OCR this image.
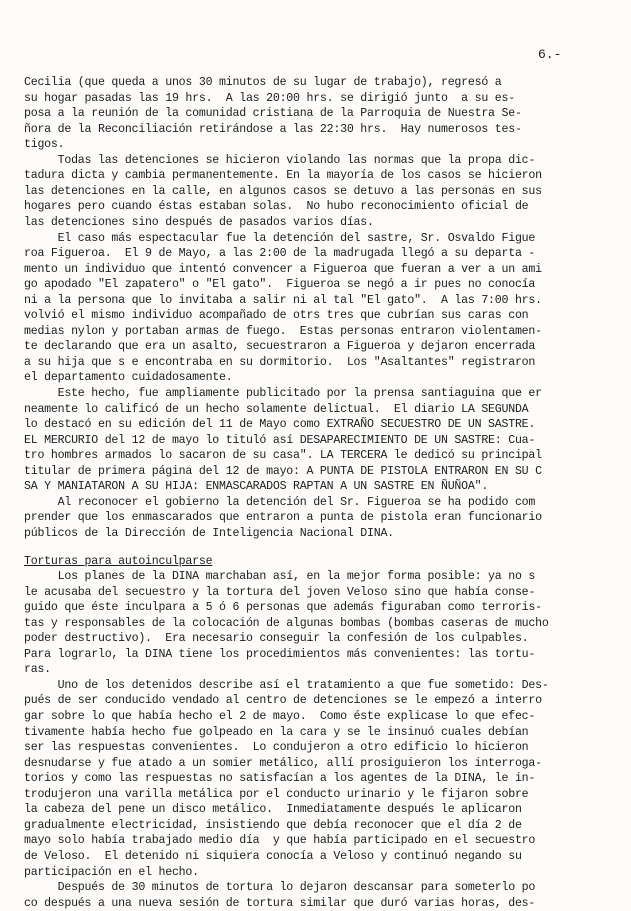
6.-
Cecilia (que queda a unos 30 minutos de su lugar de trabajo), regresó a
su hogar pasadas las 19 hrs.  A las 20:00 hrs. se dirigió junto  a su es-
posa a la reunión de la comunidad cristiana de la Parroquia de Nuestra Se-
ñora de la Reconciliación retirándose a las 22:30 hrs.  Hay numerosos tes-
tigos.
Todas las detenciones se hicieron violando las normas que la propa dic-
tadura dicta y cambia permanentemente. En la mayoría de los casos se hicieron
las detenciones en la calle, en algunos casos se detuvo a las personas en sus
hogares pero cuando éstas estaban solas.  No hubo reconocimiento oficial de
las detenciones sino después de pasados varios días.
El caso más espectacular fue la detención del sastre, Sr. Osvaldo Figue
roa Figueroa.  El 9 de Mayo, a las 2:00 de la madrugada llegó a su departa -
mento un individuo que intentó convencer a Figueroa que fueran a ver a un ami
go apodado "El zapatero" o "El gato".  Figueroa se negó a ir pues no conocía
ni a la persona que lo invitaba a salir ni al tal "El gato".  A las 7:00 hrs.
volvió el mismo individuo acompañado de otrs tres que cubrían sus caras con
medias nylon y portaban armas de fuego.  Estas personas entraron violentamen-
te declarando que era un asalto, secuestraron a Figueroa y dejaron encerrada
a su hija que s e encontraba en su dormitorio.  Los "Asaltantes" registraron
el departamento cuidadosamente.
Este hecho, fue ampliamente publicitado por la prensa santiaguina que er
neamente lo calificó de un hecho solamente delictual.  El diario LA SEGUNDA
lo destacó en su edición del 11 de Mayo como EXTRAÑO SECUESTRO DE UN SASTRE.
EL MERCURIO del 12 de mayo lo tituló así DESAPARECIMIENTO DE UN SASTRE: Cua-
tro hombres armados lo sacaron de su casa". LA TERCERA le dedicó su principal
titular de primera página del 12 de mayo: A PUNTA DE PISTOLA ENTRARON EN SU C
SA Y MANIATARON A SU HIJA: ENMASCARADOS RAPTAN A UN SASTRE EN ÑUÑOA".
Al reconocer el gobierno la detención del Sr. Figueroa se ha podido com
prender que los enmascarados que entraron a punta de pistola eran funcionario
públicos de la Dirección de Inteligencia Nacional DINA.
Torturas para autoinculparse
Los planes de la DINA marchaban así, en la mejor forma posible: ya no s
le acusaba del secuestro y la tortura del joven Veloso sino que había conse-
guido que éste inculpara a 5 ó 6 personas que además figuraban como terroris-
tas y responsables de la colocación de algunas bombas (bombas caseras de mucho
poder destructivo).  Era necesario conseguir la confesión de los culpables.
Para lograrlo, la DINA tiene los procedimientos más convenientes: las tortu-
ras.
Uno de los detenidos describe así el tratamiento a que fue sometido: Des-
pués de ser conducido vendado al centro de detenciones se le empezó a interro
gar sobre lo que había hecho el 2 de mayo.  Como éste explicase lo que efec-
tivamente había hecho fue golpeado en la cara y se le insinuó cuales debían
ser las respuestas convenientes.  Lo condujeron a otro edificio lo hicieron
desnudarse y fue atado a un somier metálico, allí prosiguieron los interroga-
torios y como las respuestas no satisfacían a los agentes de la DINA, le in-
trodujeron una varilla metálica por el conducto urinario y le fijaron sobre
la cabeza del pene un disco metálico.  Inmediatamente después le aplicaron
gradualmente electricidad, insistiendo que debía reconocer que el día 2 de
mayo solo había trabajado medio día  y que había participado en el secuestro
de Veloso.  El detenido ni siquiera conocía a Veloso y continuó negando su
participación en el hecho.
Después de 30 minutos de tortura lo dejaron descansar para someterlo po
co después a una nueva sesión de tortura similar que duró varias horas, des-
